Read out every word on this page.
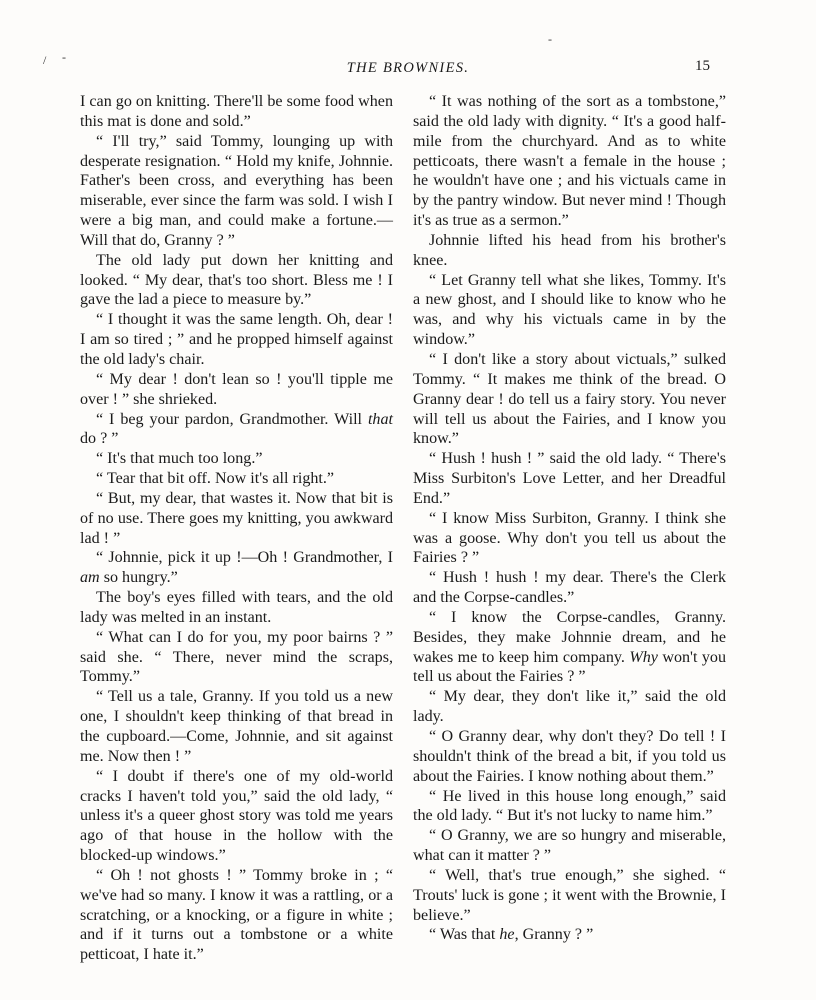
/ -
-
THE BROWNIES.	15

I can go on knitting. There'll be some food when this mat is done and sold.”

“ I'll try,” said Tommy, lounging up with desperate resignation. “ Hold my knife, Johnnie. Father's been cross, and everything has been miserable, ever since the farm was sold. I wish I were a big man, and could make a fortune.—Will that do, Granny ? ”

The old lady put down her knitting and looked. “ My dear, that's too short. Bless me ! I gave the lad a piece to measure by.”

“ I thought it was the same length. Oh, dear ! I am so tired ; ” and he propped himself against the old lady's chair.

“ My dear ! don't lean so ! you'll tipple me over ! ” she shrieked.

“ I beg your pardon, Grandmother. Will that do ? ”

“ It's that much too long.”

“ Tear that bit off. Now it's all right.”

“ But, my dear, that wastes it. Now that bit is of no use. There goes my knitting, you awkward lad ! ”

“ Johnnie, pick it up !—Oh ! Grandmother, I am so hungry.”

The boy's eyes filled with tears, and the old lady was melted in an instant.

“ What can I do for you, my poor bairns ? ” said she. “ There, never mind the scraps, Tommy.”

“ Tell us a tale, Granny. If you told us a new one, I shouldn't keep thinking of that bread in the cupboard.—Come, Johnnie, and sit against me. Now then ! ”

“ I doubt if there's one of my old-world cracks I haven't told you,” said the old lady, “ unless it's a queer ghost story was told me years ago of that house in the hollow with the blocked-up windows.”

“ Oh ! not ghosts ! ” Tommy broke in ; “ we've had so many. I know it was a rattling, or a scratching, or a knocking, or a figure in white ; and if it turns out a tombstone or a white petticoat, I hate it.”

“ It was nothing of the sort as a tombstone,” said the old lady with dignity. “ It's a good half-mile from the churchyard. And as to white petticoats, there wasn't a female in the house ; he wouldn't have one ; and his victuals came in by the pantry window. But never mind ! Though it's as true as a sermon.”

Johnnie lifted his head from his brother's knee.

“ Let Granny tell what she likes, Tommy. It's a new ghost, and I should like to know who he was, and why his victuals came in by the window.”

“ I don't like a story about victuals,” sulked Tommy. “ It makes me think of the bread. O Granny dear ! do tell us a fairy story. You never will tell us about the Fairies, and I know you know.”

“ Hush ! hush ! ” said the old lady. “ There's Miss Surbiton's Love Letter, and her Dreadful End.”

“ I know Miss Surbiton, Granny. I think she was a goose. Why don't you tell us about the Fairies ? ”

“ Hush ! hush ! my dear. There's the Clerk and the Corpse-candles.”

“ I know the Corpse-candles, Granny. Besides, they make Johnnie dream, and he wakes me to keep him company. Why won't you tell us about the Fairies ? ”

“ My dear, they don't like it,” said the old lady.

“ O Granny dear, why don't they? Do tell ! I shouldn't think of the bread a bit, if you told us about the Fairies. I know nothing about them.”

“ He lived in this house long enough,” said the old lady. “ But it's not lucky to name him.”

“ O Granny, we are so hungry and miserable, what can it matter ? ”

“ Well, that's true enough,” she sighed. “ Trouts' luck is gone ; it went with the Brownie, I believe.”

“ Was that he, Granny ? ”
